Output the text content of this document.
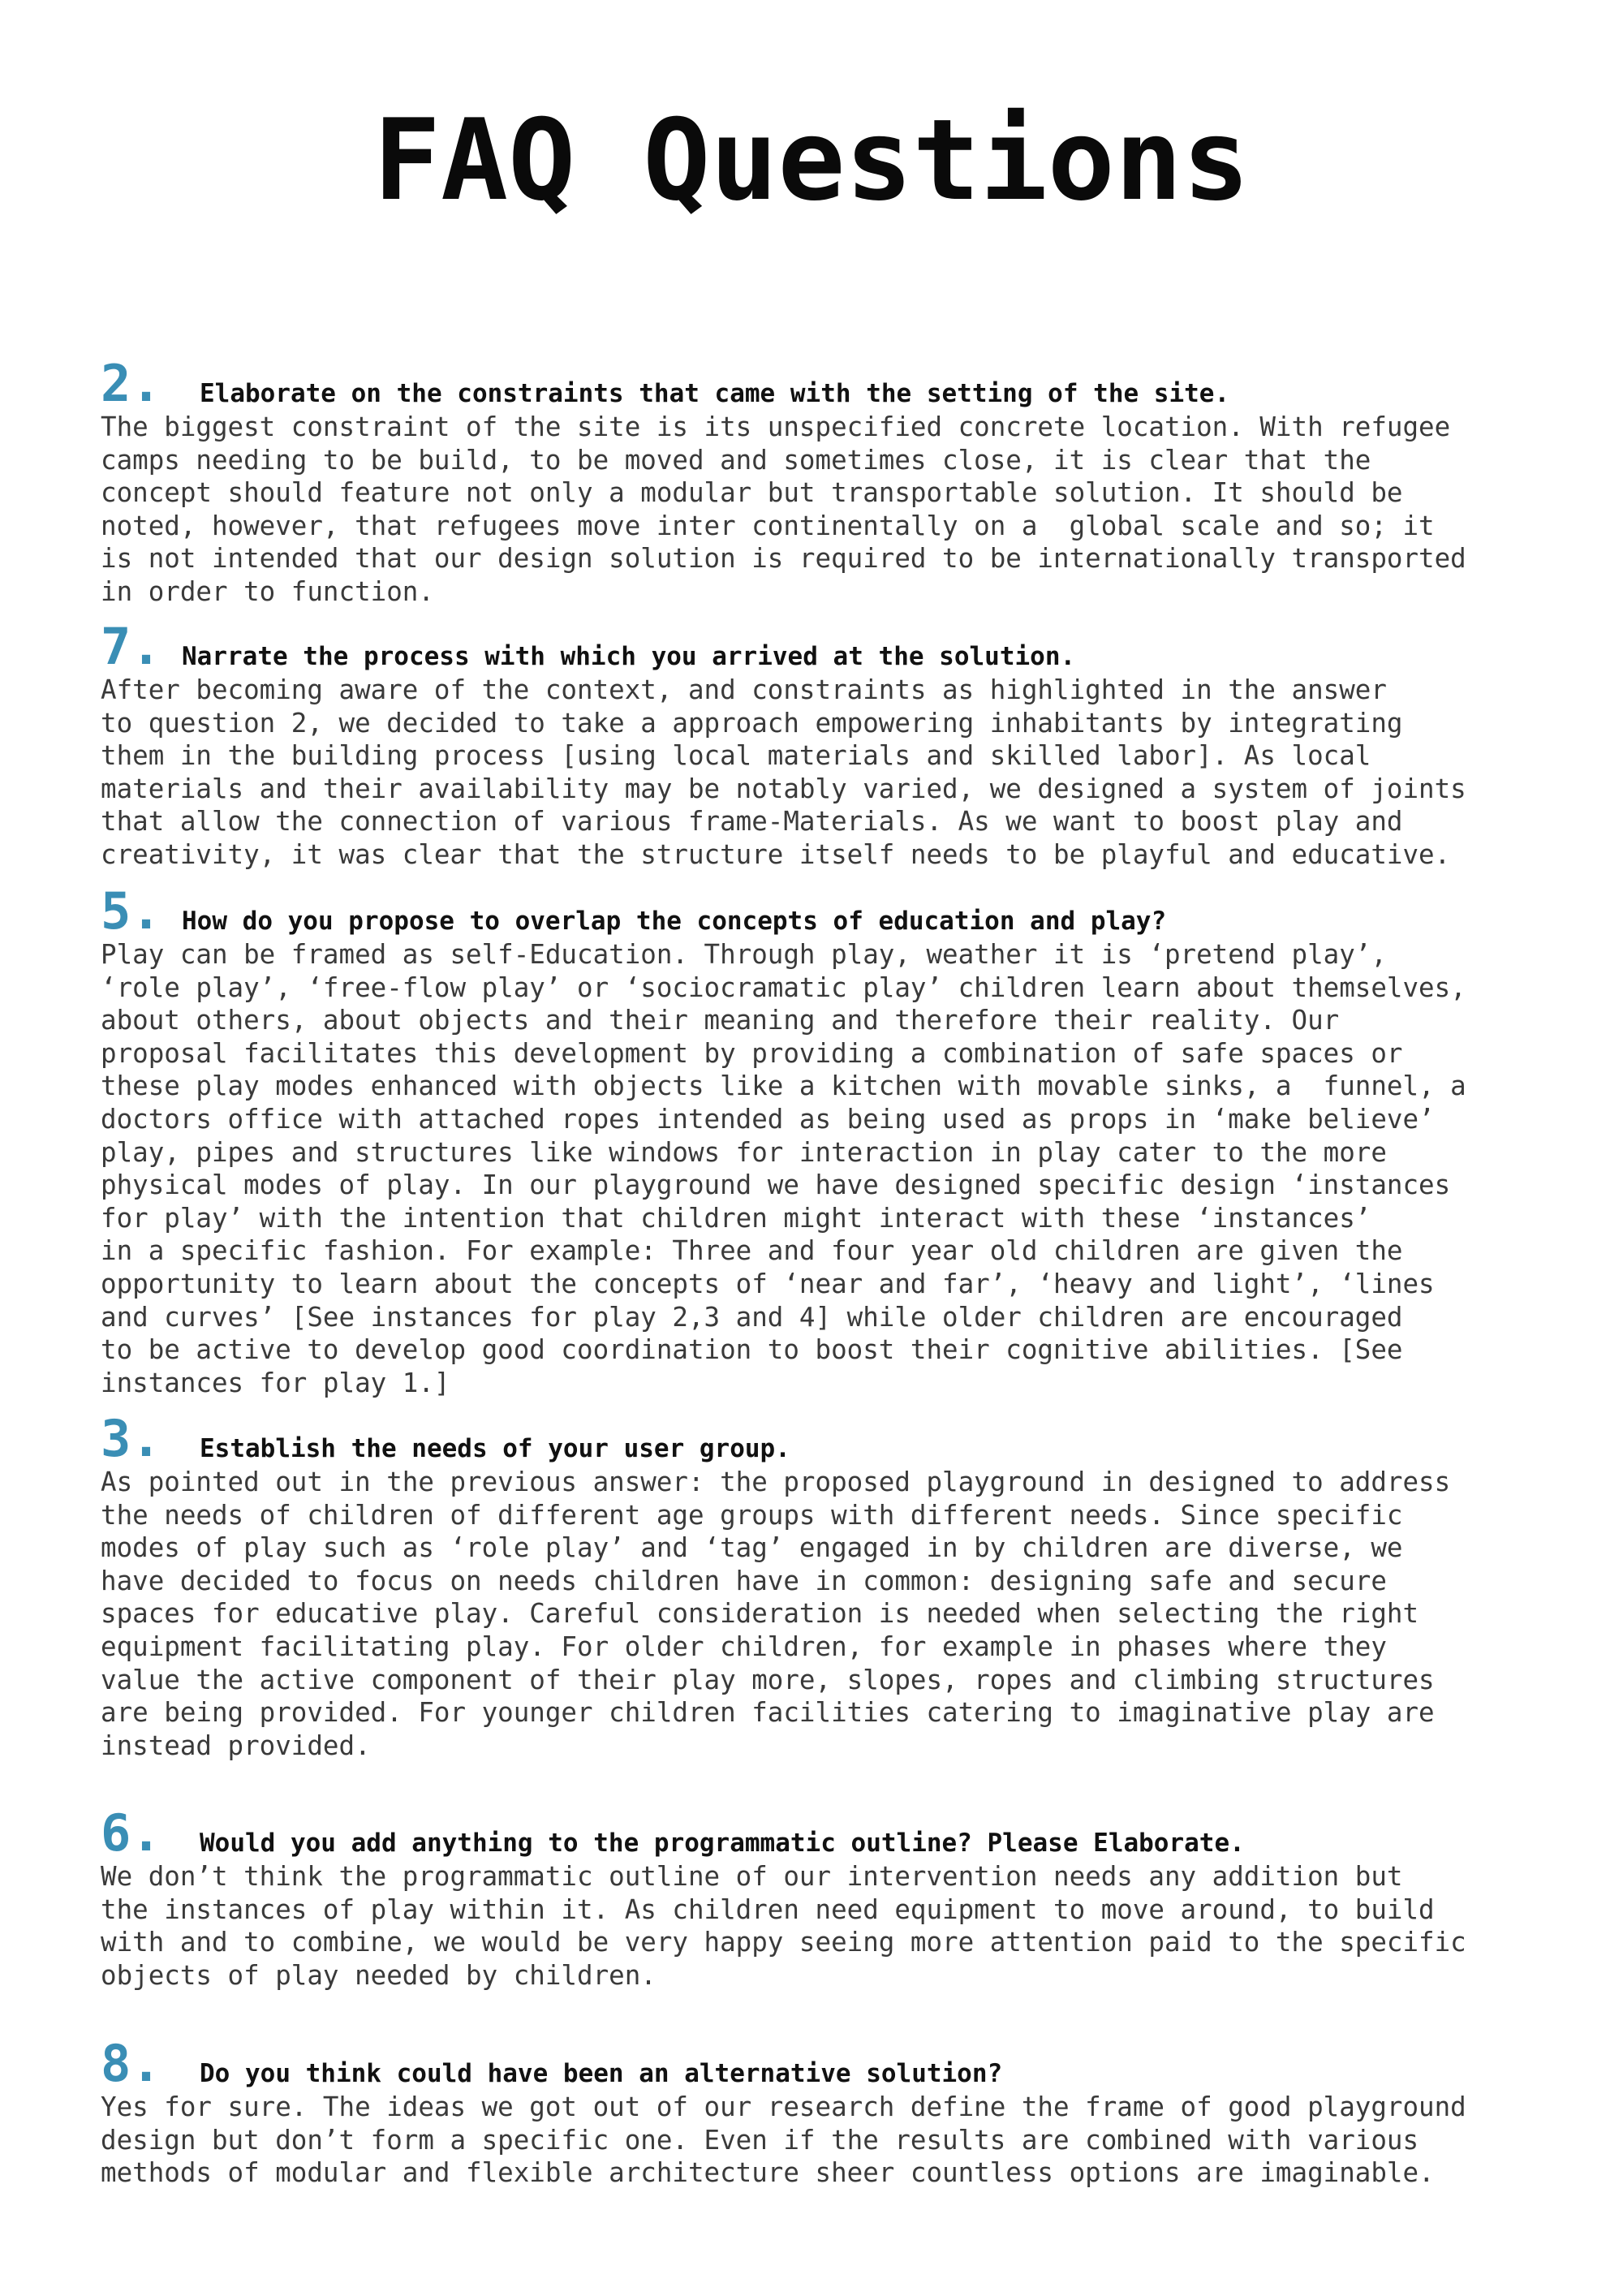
FAQ Questions
2. Elaborate on the constraints that came with the setting of the site.
The biggest constraint of the site is its unspecified concrete location. With refugee
camps needing to be build, to be moved and sometimes close, it is clear that the
concept should feature not only a modular but transportable solution. It should be
noted, however, that refugees move inter continentally on a  global scale and so; it
is not intended that our design solution is required to be internationally transported
in order to function.
7. Narrate the process with which you arrived at the solution.
After becoming aware of the context, and constraints as highlighted in the answer
to question 2, we decided to take a approach empowering inhabitants by integrating
them in the building process [using local materials and skilled labor]. As local
materials and their availability may be notably varied, we designed a system of joints
that allow the connection of various frame-Materials. As we want to boost play and
creativity, it was clear that the structure itself needs to be playful and educative.
5. How do you propose to overlap the concepts of education and play?
Play can be framed as self-Education. Through play, weather it is ‘pretend play’,
‘role play’, ‘free-flow play’ or ‘sociocramatic play’ children learn about themselves,
about others, about objects and their meaning and therefore their reality. Our
proposal facilitates this development by providing a combination of safe spaces or
these play modes enhanced with objects like a kitchen with movable sinks, a  funnel, a
doctors office with attached ropes intended as being used as props in ‘make believe’
play, pipes and structures like windows for interaction in play cater to the more
physical modes of play. In our playground we have designed specific design ‘instances
for play’ with the intention that children might interact with these ‘instances’
in a specific fashion. For example: Three and four year old children are given the
opportunity to learn about the concepts of ‘near and far’, ‘heavy and light’, ‘lines
and curves’ [See instances for play 2,3 and 4] while older children are encouraged
to be active to develop good coordination to boost their cognitive abilities. [See
instances for play 1.]
3. Establish the needs of your user group.
As pointed out in the previous answer: the proposed playground in designed to address
the needs of children of different age groups with different needs. Since specific
modes of play such as ‘role play’ and ‘tag’ engaged in by children are diverse, we
have decided to focus on needs children have in common: designing safe and secure
spaces for educative play. Careful consideration is needed when selecting the right
equipment facilitating play. For older children, for example in phases where they
value the active component of their play more, slopes, ropes and climbing structures
are being provided. For younger children facilities catering to imaginative play are
instead provided.
6. Would you add anything to the programmatic outline? Please Elaborate.
We don’t think the programmatic outline of our intervention needs any addition but
the instances of play within it. As children need equipment to move around, to build
with and to combine, we would be very happy seeing more attention paid to the specific
objects of play needed by children.
8. Do you think could have been an alternative solution?
Yes for sure. The ideas we got out of our research define the frame of good playground
design but don’t form a specific one. Even if the results are combined with various
methods of modular and flexible architecture sheer countless options are imaginable.
